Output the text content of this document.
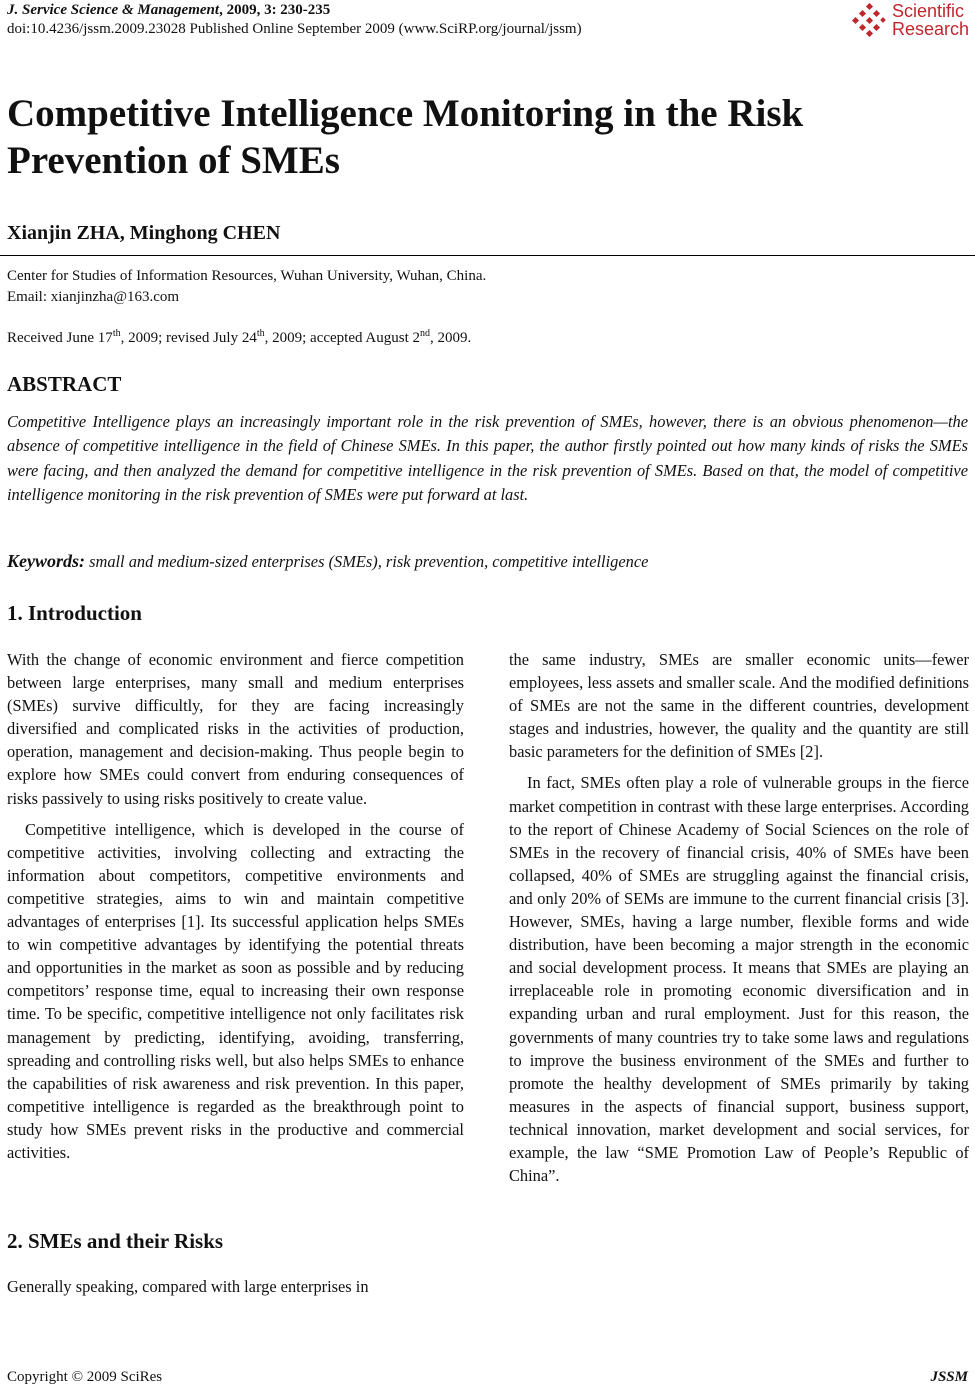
J. Service Science & Management, 2009, 3: 230-235
doi:10.4236/jssm.2009.23028 Published Online September 2009 (www.SciRP.org/journal/jssm)
Scientific
Research
Competitive Intelligence Monitoring in the Risk
Prevention of SMEs
Xianjin ZHA, Minghong CHEN
Center for Studies of Information Resources, Wuhan University, Wuhan, China.
Email: xianjinzha@163.com
Received June 17th, 2009; revised July 24th, 2009; accepted August 2nd, 2009.
ABSTRACT

Competitive Intelligence plays an increasingly important role in the risk prevention of SMEs, however, there is an obvious phenomenon—the absence of competitive intelligence in the field of Chinese SMEs. In this paper, the author firstly pointed out how many kinds of risks the SMEs were facing, and then analyzed the demand for competitive intelligence in the risk prevention of SMEs. Based on that, the model of competitive intelligence monitoring in the risk prevention of SMEs were put forward at last.

Keywords: small and medium-sized enterprises (SMEs), risk prevention, competitive intelligence
1. Introduction

With the change of economic environment and fierce competition between large enterprises, many small and medium enterprises (SMEs) survive difficultly, for they are facing increasingly diversified and complicated risks in the activities of production, operation, management and decision-making. Thus people begin to explore how SMEs could convert from enduring consequences of risks passively to using risks positively to create value.

Competitive intelligence, which is developed in the course of competitive activities, involving collecting and extracting the information about competitors, competitive environments and competitive strategies, aims to win and maintain competitive advantages of enterprises [1]. Its successful application helps SMEs to win competitive advantages by identifying the potential threats and opportunities in the market as soon as possible and by reducing competitors’ response time, equal to increasing their own response time. To be specific, competitive intelligence not only facilitates risk management by predicting, identifying, avoiding, transferring, spreading and controlling risks well, but also helps SMEs to enhance the capabilities of risk awareness and risk prevention. In this paper, competitive intelligence is regarded as the breakthrough point to study how SMEs prevent risks in the productive and commercial activities.

2. SMEs and their Risks

Generally speaking, compared with large enterprises in

the same industry, SMEs are smaller economic units—fewer employees, less assets and smaller scale. And the modified definitions of SMEs are not the same in the different countries, development stages and industries, however, the quality and the quantity are still basic parameters for the definition of SMEs [2].

In fact, SMEs often play a role of vulnerable groups in the fierce market competition in contrast with these large enterprises. According to the report of Chinese Academy of Social Sciences on the role of SMEs in the recovery of financial crisis, 40% of SMEs have been collapsed, 40% of SMEs are struggling against the financial crisis, and only 20% of SEMs are immune to the current financial crisis [3]. However, SMEs, having a large number, flexible forms and wide distribution, have been becoming a major strength in the economic and social development process. It means that SMEs are playing an irreplaceable role in promoting economic diversification and in expanding urban and rural employment. Just for this reason, the governments of many countries try to take some laws and regulations to improve the business environment of the SMEs and further to promote the healthy development of SMEs primarily by taking measures in the aspects of financial support, business support, technical innovation, market development and social services, for example, the law “SME Promotion Law of People’s Republic of China”.

Copyright © 2009 SciRes	JSSM
